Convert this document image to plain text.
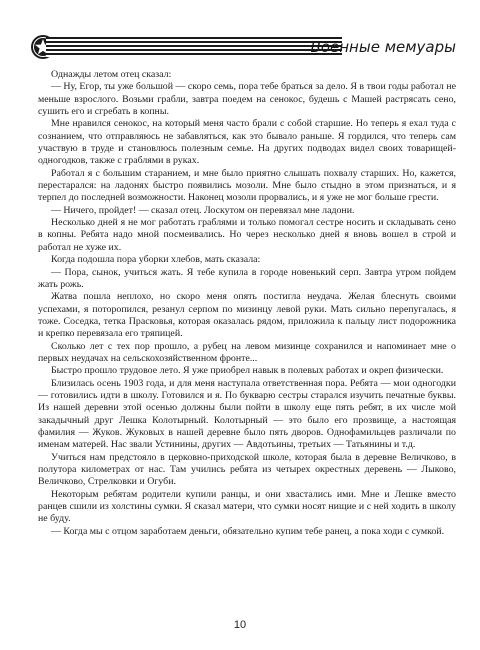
Военные мемуары

Однажды летом отец сказал:

— Ну, Егор, ты уже большой — скоро семь, пора тебе браться за дело. Я в твои годы работал не меньше взрослого. Возьми грабли, завтра поедем на сенокос, будешь с Машей растрясать сено, сушить его и сгребать в копны.

Мне нравился сенокос, на который меня часто брали с собой старшие. Но теперь я ехал туда с сознанием, что отправляюсь не забавляться, как это бывало раньше. Я гордился, что теперь сам участвую в труде и становлюсь полезным семье. На других подводах видел своих товарищей-одногодков, также с граблями в руках.

Работал я с большим старанием, и мне было приятно слышать похвалу старших. Но, кажется, перестарался: на ладонях быстро появились мозоли. Мне было стыдно в этом признаться, и я терпел до последней возможности. Наконец мозоли прорвались, и я уже не мог больше грести.

— Ничего, пройдет! — сказал отец. Лоскутом он перевязал мне ладони.

Несколько дней я не мог работать граблями и только помогал сестре носить и складывать сено в копны. Ребята надо мной посмеивались. Но через несколько дней я вновь вошел в строй и работал не хуже их.

Когда подошла пора уборки хлебов, мать сказала:

— Пора, сынок, учиться жать. Я тебе купила в городе новенький серп. Завтра утром пойдем жать рожь.

Жатва пошла неплохо, но скоро меня опять постигла неудача. Желая блеснуть своими успехами, я поторопился, резанул серпом по мизинцу левой руки. Мать сильно перепугалась, я тоже. Соседка, тетка Прасковья, которая оказалась рядом, приложила к пальцу лист подорожника и крепко перевязала его тряпицей.

Сколько лет с тех пор прошло, а рубец на левом мизинце сохранился и напоминает мне о первых неудачах на сельскохозяйственном фронте...

Быстро прошло трудовое лето. Я уже приобрел навык в полевых работах и окреп физически.

Близилась осень 1903 года, и для меня наступала ответственная пора. Ребята — мои одногодки — готовились идти в школу. Готовился и я. По букварю сестры старался изучить печатные буквы. Из нашей деревни этой осенью должны были пойти в школу еще пять ребят, в их числе мой закадычный друг Лешка Колотырный. Колотырный — это было его прозвище, а настоящая фамилия — Жуков. Жуковых в нашей деревне было пять дворов. Однофамильцев различали по именам матерей. Нас звали Устинины, других — Авдотьины, третьих — Татьянины и т.д.

Учиться нам предстояло в церковно-приходской школе, которая была в деревне Величково, в полутора километрах от нас. Там учились ребята из четырех окрестных деревень — Лыково, Величково, Стрелковки и Огуби.

Некоторым ребятам родители купили ранцы, и они хвастались ими. Мне и Лешке вместо ранцев сшили из холстины сумки. Я сказал матери, что сумки носят нищие и с ней ходить в школу не буду.

— Когда мы с отцом заработаем деньги, обязательно купим тебе ранец, а пока ходи с сумкой.

10
